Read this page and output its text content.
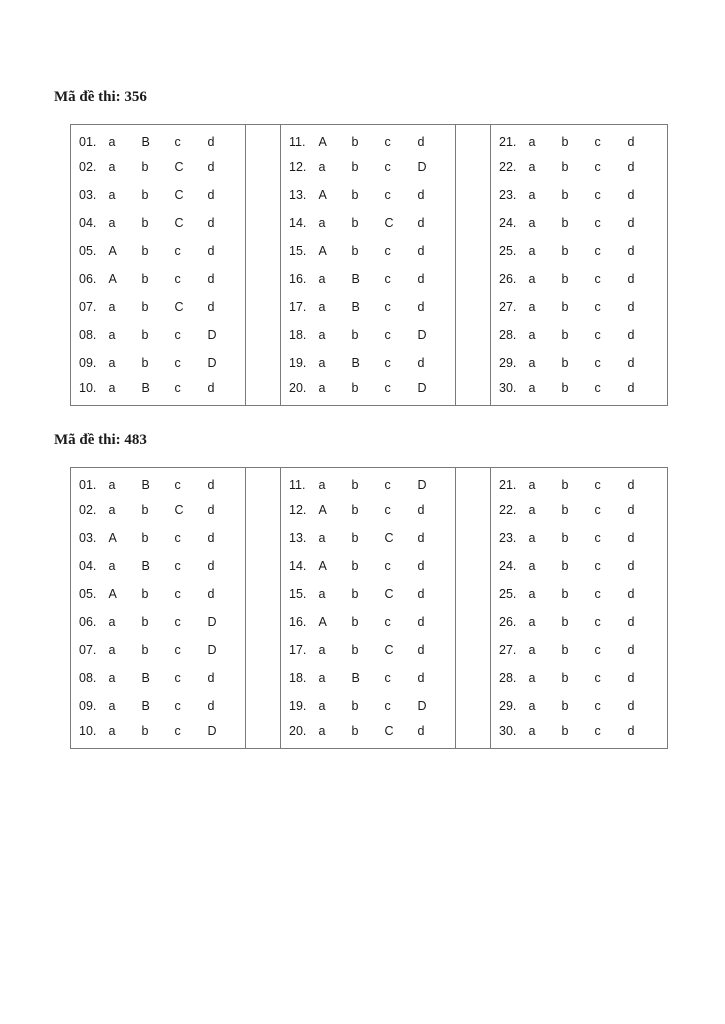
Mã đề thi: 356
01.	a	B	c	d		11.	A	b	c	d		21.	a	b	c	d
02.	a	b	C	d		12.	a	b	c	D		22.	a	b	c	d
03.	a	b	C	d		13.	A	b	c	d		23.	a	b	c	d
04.	a	b	C	d		14.	a	b	C	d		24.	a	b	c	d
05.	A	b	c	d		15.	A	b	c	d		25.	a	b	c	d
06.	A	b	c	d		16.	a	B	c	d		26.	a	b	c	d
07.	a	b	C	d		17.	a	B	c	d		27.	a	b	c	d
08.	a	b	c	D		18.	a	b	c	D		28.	a	b	c	d
09.	a	b	c	D		19.	a	B	c	d		29.	a	b	c	d
10.	a	B	c	d		20.	a	b	c	D		30.	a	b	c	d
Mã đề thi: 483
01.	a	B	c	d		11.	a	b	c	D		21.	a	b	c	d
02.	a	b	C	d		12.	A	b	c	d		22.	a	b	c	d
03.	A	b	c	d		13.	a	b	C	d		23.	a	b	c	d
04.	a	B	c	d		14.	A	b	c	d		24.	a	b	c	d
05.	A	b	c	d		15.	a	b	C	d		25.	a	b	c	d
06.	a	b	c	D		16.	A	b	c	d		26.	a	b	c	d
07.	a	b	c	D		17.	a	b	C	d		27.	a	b	c	d
08.	a	B	c	d		18.	a	B	c	d		28.	a	b	c	d
09.	a	B	c	d		19.	a	b	c	D		29.	a	b	c	d
10.	a	b	c	D		20.	a	b	C	d		30.	a	b	c	d
